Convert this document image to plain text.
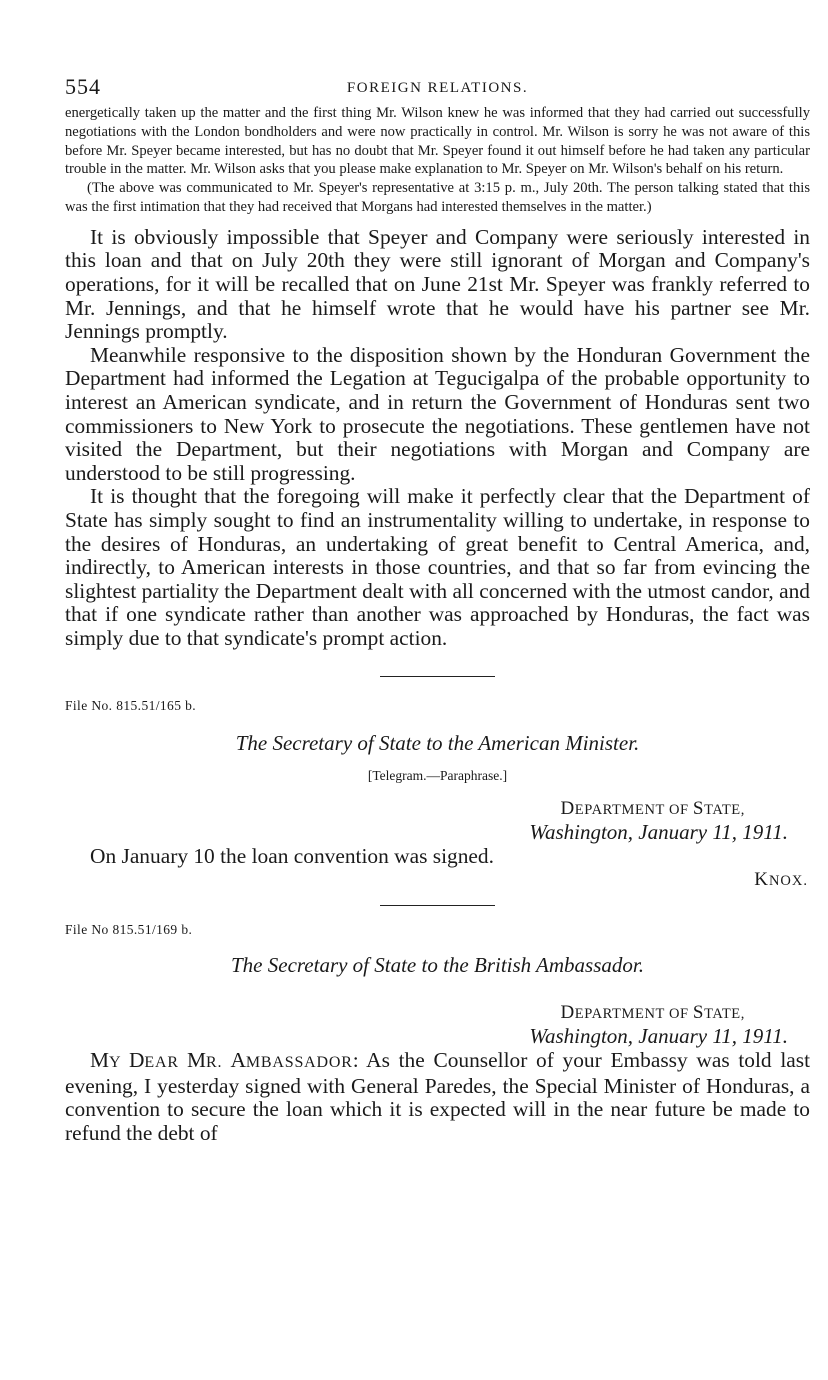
554	FOREIGN RELATIONS.

energetically taken up the matter and the first thing Mr. Wilson knew he was informed that they had carried out successfully negotiations with the London bondholders and were now practically in control. Mr. Wilson is sorry he was not aware of this before Mr. Speyer became interested, but has no doubt that Mr. Speyer found it out himself before he had taken any particular trouble in the matter. Mr. Wilson asks that you please make explanation to Mr. Speyer on Mr. Wilson's behalf on his return.

(The above was communicated to Mr. Speyer's representative at 3:15 p. m., July 20th. The person talking stated that this was the first intimation that they had received that Morgans had interested themselves in the matter.)

It is obviously impossible that Speyer and Company were seriously interested in this loan and that on July 20th they were still ignorant of Morgan and Company's operations, for it will be recalled that on June 21st Mr. Speyer was frankly referred to Mr. Jennings, and that he himself wrote that he would have his partner see Mr. Jennings promptly.

Meanwhile responsive to the disposition shown by the Honduran Government the Department had informed the Legation at Tegucigalpa of the probable opportunity to interest an American syndicate, and in return the Government of Honduras sent two commissioners to New York to prosecute the negotiations. These gentlemen have not visited the Department, but their negotiations with Morgan and Company are understood to be still progressing.

It is thought that the foregoing will make it perfectly clear that the Department of State has simply sought to find an instrumentality willing to undertake, in response to the desires of Honduras, an undertaking of great benefit to Central America, and, indirectly, to American interests in those countries, and that so far from evincing the slightest partiality the Department dealt with all concerned with the utmost candor, and that if one syndicate rather than another was approached by Honduras, the fact was simply due to that syndicate's prompt action.

File No. 815.51/165 b.

The Secretary of State to the American Minister.

[Telegram.—Paraphrase.]

DEPARTMENT OF STATE,

Washington, January 11, 1911.

On January 10 the loan convention was signed.

KNOX.

File No 815.51/169 b.

The Secretary of State to the British Ambassador.

DEPARTMENT OF STATE,

Washington, January 11, 1911.

MY DEAR MR. AMBASSADOR: As the Counsellor of your Embassy was told last evening, I yesterday signed with General Paredes, the Special Minister of Honduras, a convention to secure the loan which it is expected will in the near future be made to refund the debt of
